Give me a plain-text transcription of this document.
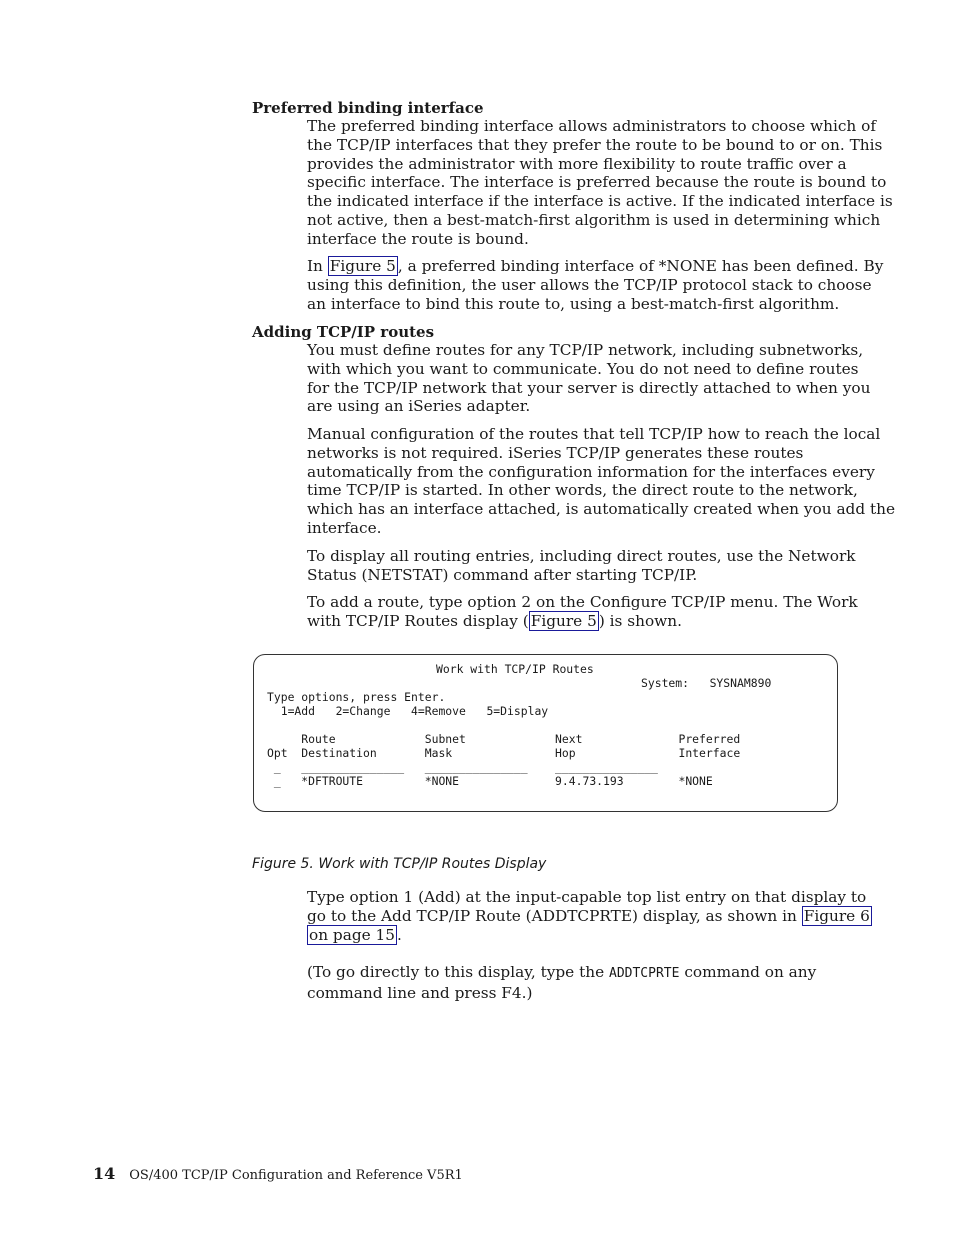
Preferred binding interface
The preferred binding interface allows administrators to choose which of
the TCP/IP interfaces that they prefer the route to be bound to or on. This
provides the administrator with more flexibility to route traffic over a
specific interface. The interface is preferred because the route is bound to
the indicated interface if the interface is active. If the indicated interface is
not active, then a best-match-first algorithm is used in determining which
interface the route is bound.
In Figure 5 , a preferred binding interface of *NONE has been defined. By
using this definition, the user allows the TCP/IP protocol stack to choose
an interface to bind this route to, using a best-match-first algorithm.
Adding TCP/IP routes
You must define routes for any TCP/IP network, including subnetworks,
with which you want to communicate. You do not need to define routes
for the TCP/IP network that your server is directly attached to when you
are using an iSeries adapter.
Manual configuration of the routes that tell TCP/IP how to reach the local
networks is not required. iSeries TCP/IP generates these routes
automatically from the configuration information for the interfaces every
time TCP/IP is started. In other words, the direct route to the network,
which has an interface attached, is automatically created when you add the
interface.
To display all routing entries, including direct routes, use the Network
Status (NETSTAT) command after starting TCP/IP.
To add a route, type option 2 on the Configure TCP/IP menu. The Work
with TCP/IP Routes display ( Figure 5 ) is shown.
Work with TCP/IP Routes
System:   SYSNAM890
Type options, press Enter.
1=Add   2=Change   4=Remove   5=Display
Route             Subnet             Next              Preferred
Opt  Destination       Mask               Hop               Interface
_   _______________   _______________    _______________
_   *DFTROUTE         *NONE              9.4.73.193        *NONE
Figure 5. Work with TCP/IP Routes Display
Type option 1 (Add) at the input-capable top list entry on that display to
go to the Add TCP/IP Route (ADDTCPRTE) display, as shown in Figure 6
on page 15 .
(To go directly to this display, type the ADDTCPRTE command on any
command line and press F4.)
14 OS/400 TCP/IP Configuration and Reference V5R1
